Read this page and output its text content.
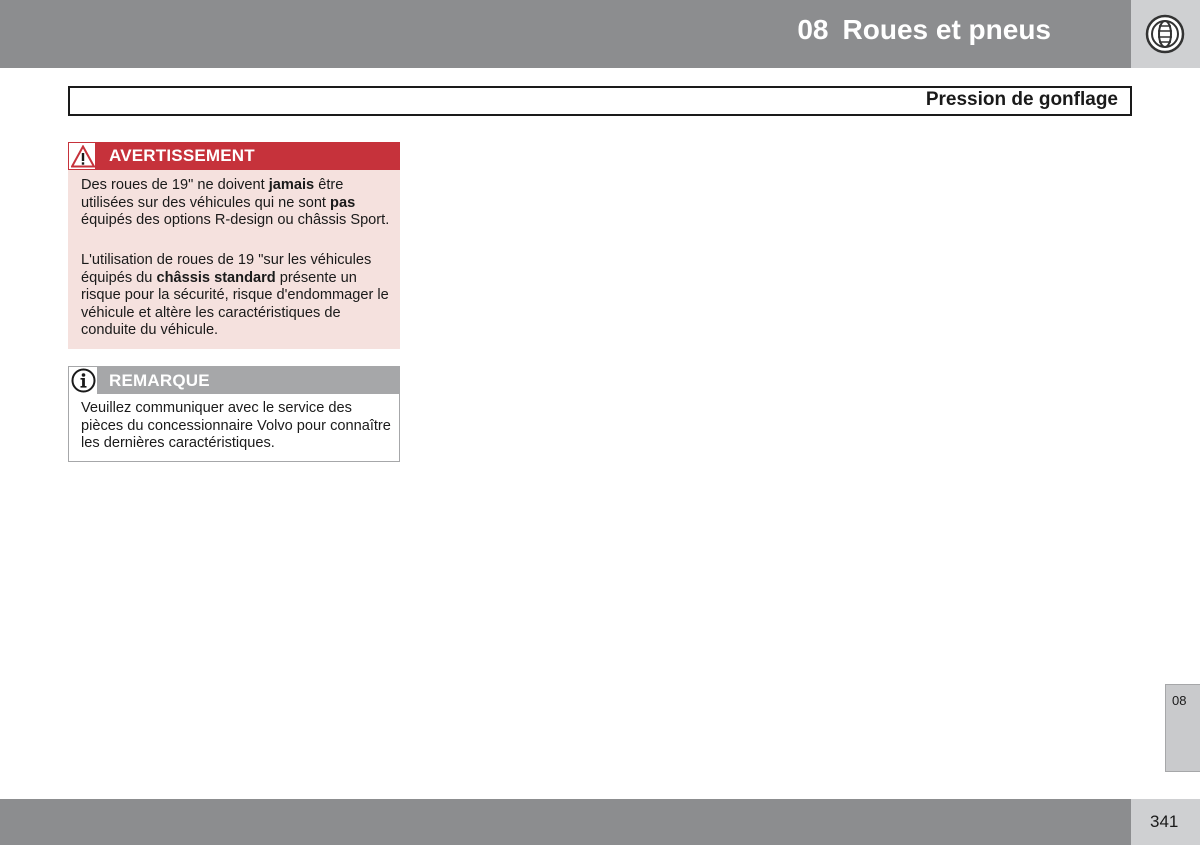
08 Roues et pneus
Pression de gonflage
AVERTISSEMENT

Des roues de 19" ne doivent jamais être utilisées sur des véhicules qui ne sont pas équipés des options R-design ou châssis Sport.

L'utilisation de roues de 19 "sur les véhicules équipés du châssis standard présente un risque pour la sécurité, risque d'endommager le véhicule et altère les caractéristiques de conduite du véhicule.

REMARQUE

Veuillez communiquer avec le service des pièces du concessionnaire Volvo pour connaître les dernières caractéristiques.

08
341
